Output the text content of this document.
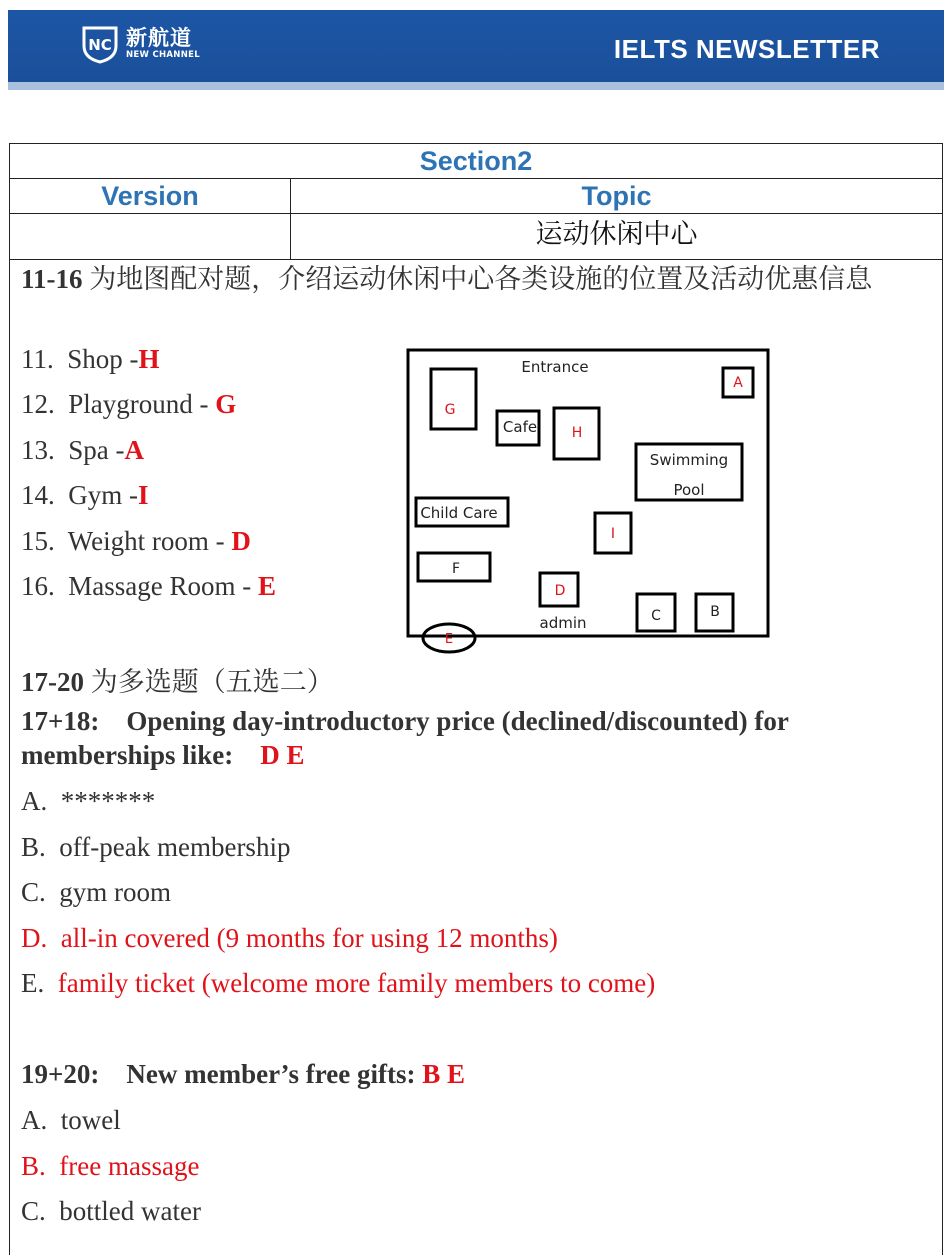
NC 新航道
NEW CHANNEL	IELTS NEWSLETTER
Section2
Version	Topic
运动休闲中心
11-16 为地图配对题，介绍运动休闲中心各类设施的位置及活动优惠信息
11. Shop -H
12. Playground - G
13. Spa -A
14. Gym -I
15. Weight room - D
16. Massage Room - E
Entrance
G
A
Cafe H
Swimming
Pool
Child Care
I
F
D
admin	C	B
E
17-20 为多选题（五选二）
17+18: Opening day-introductory price (declined/discounted) for
memberships like: D E
A. *******
B. off-peak membership
C. gym room
D. all-in covered (9 months for using 12 months)
E. family ticket (welcome more family members to come)
19+20: New member’s free gifts: B E
A. towel
B. free massage
C. bottled water
